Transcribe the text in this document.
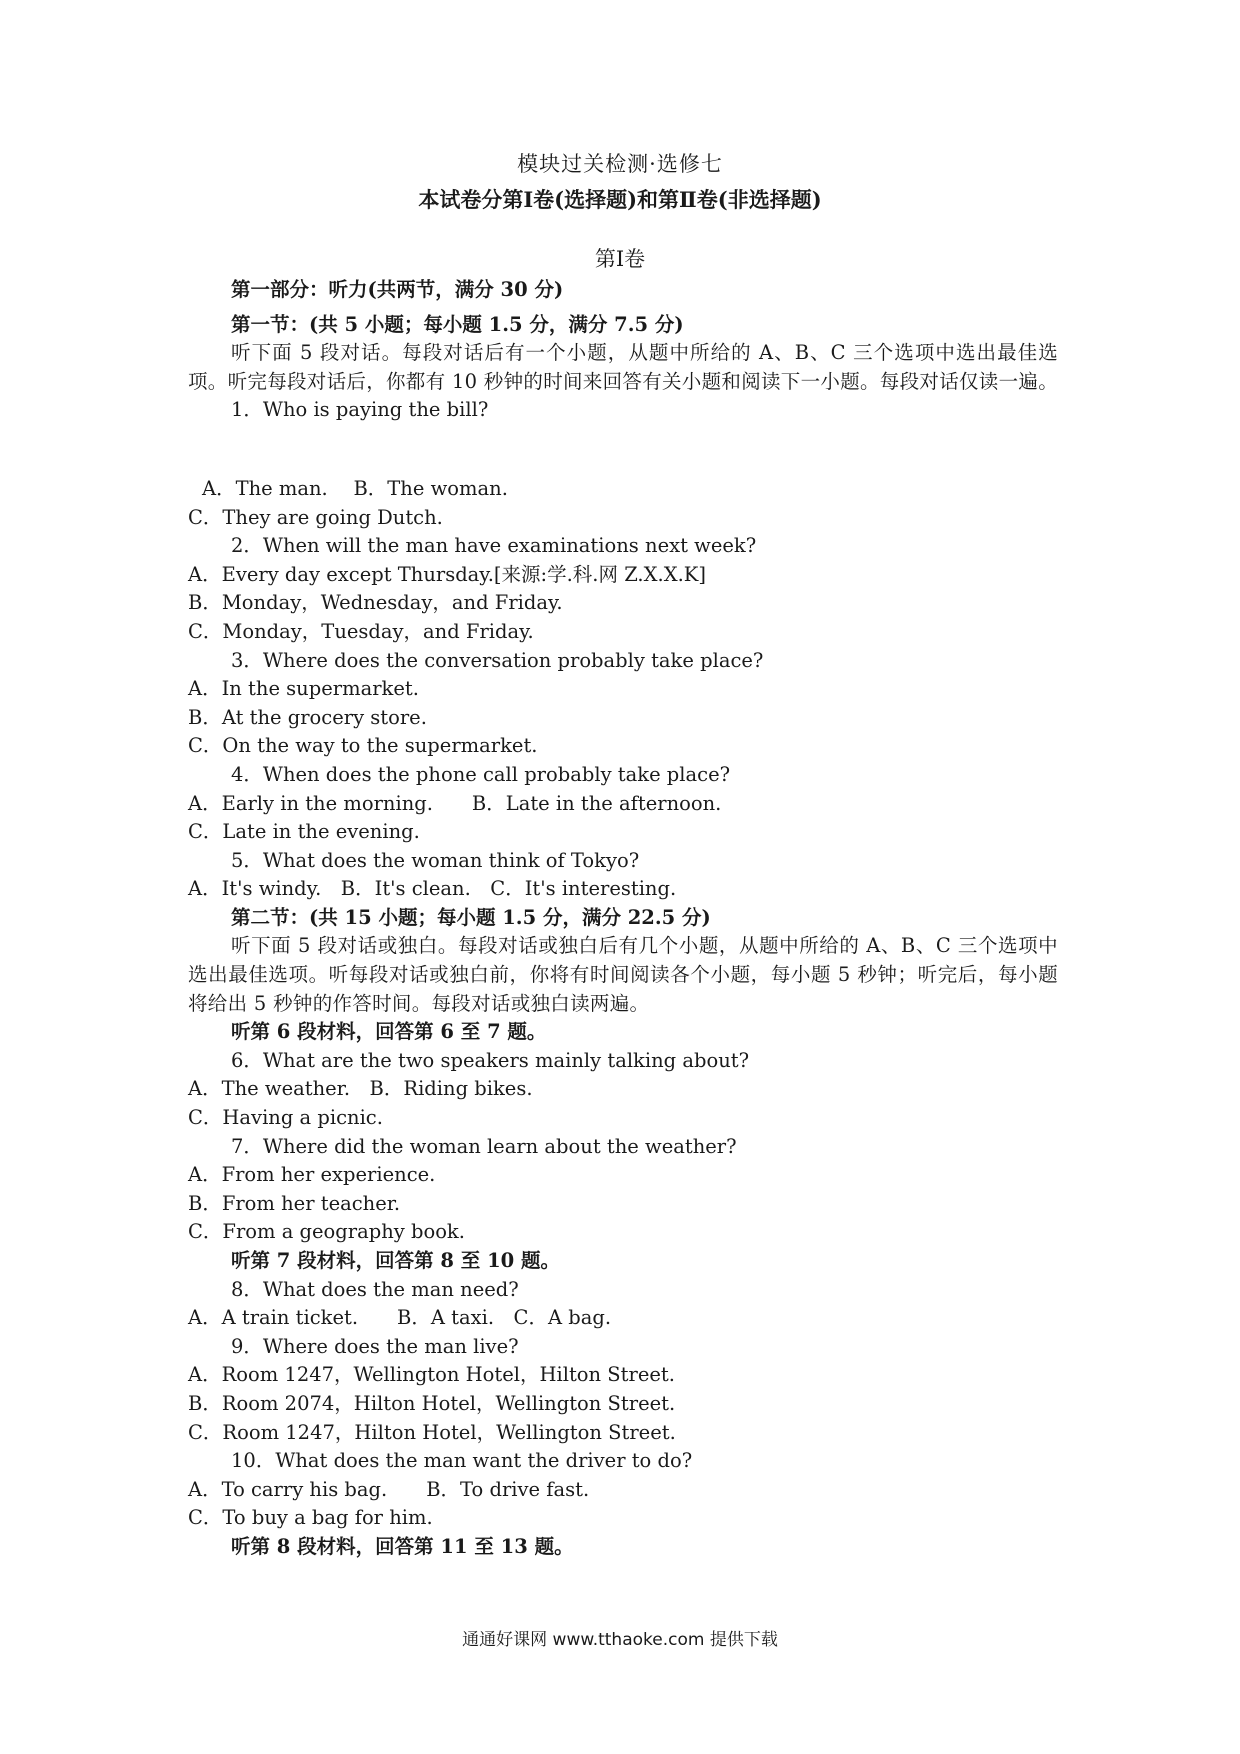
模块过关检测·选修七
本试卷分第Ⅰ卷(选择题)和第Ⅱ卷(非选择题)
第Ⅰ卷

第一部分：听力(共两节，满分 30 分)

第一节：(共 5 小题；每小题 1.5 分，满分 7.5 分)

听下面 5 段对话。每段对话后有一个小题，从题中所给的 A、B、C 三个选项中选出最佳选项。听完每段对话后，你都有 10 秒钟的时间来回答有关小题和阅读下一小题。每段对话仅读一遍。

1．Who is paying the bill?

A．The man.　 B．The woman.

C．They are going Dutch.

2．When will the man have examinations next week?

A．Every day except Thursday.[来源:学.科.网 Z.X.X.K]

B．Monday，Wednesday，and Friday.

C．Monday，Tuesday，and Friday.

3．Where does the conversation probably take place?

A．In the supermarket.

B．At the grocery store.

C．On the way to the supermarket.

4．When does the phone call probably take place?

A．Early in the morning.　　B．Late in the afternoon.

C．Late in the evening.

5．What does the woman think of Tokyo?

A．It's windy.　B．It's clean.　C．It's interesting.

第二节：(共 15 小题；每小题 1.5 分，满分 22.5 分)

听下面 5 段对话或独白。每段对话或独白后有几个小题，从题中所给的 A、B、C 三个选项中选出最佳选项。听每段对话或独白前，你将有时间阅读各个小题，每小题 5 秒钟；听完后，每小题将给出 5 秒钟的作答时间。每段对话或独白读两遍。

听第 6 段材料，回答第 6 至 7 题。

6．What are the two speakers mainly talking about?

A．The weather.　B．Riding bikes.

C．Having a picnic.

7．Where did the woman learn about the weather?

A．From her experience.

B．From her teacher.

C．From a geography book.

听第 7 段材料，回答第 8 至 10 题。

8．What does the man need?

A．A train ticket.　　B．A taxi.　C．A bag.

9．Where does the man live?

A．Room 1247，Wellington Hotel，Hilton Street.

B．Room 2074，Hilton Hotel，Wellington Street.

C．Room 1247，Hilton Hotel，Wellington Street.

10．What does the man want the driver to do?

A．To carry his bag.　　B．To drive fast.

C．To buy a bag for him.

听第 8 段材料，回答第 11 至 13 题。

通通好课网 www.tthaoke.com 提供下载
